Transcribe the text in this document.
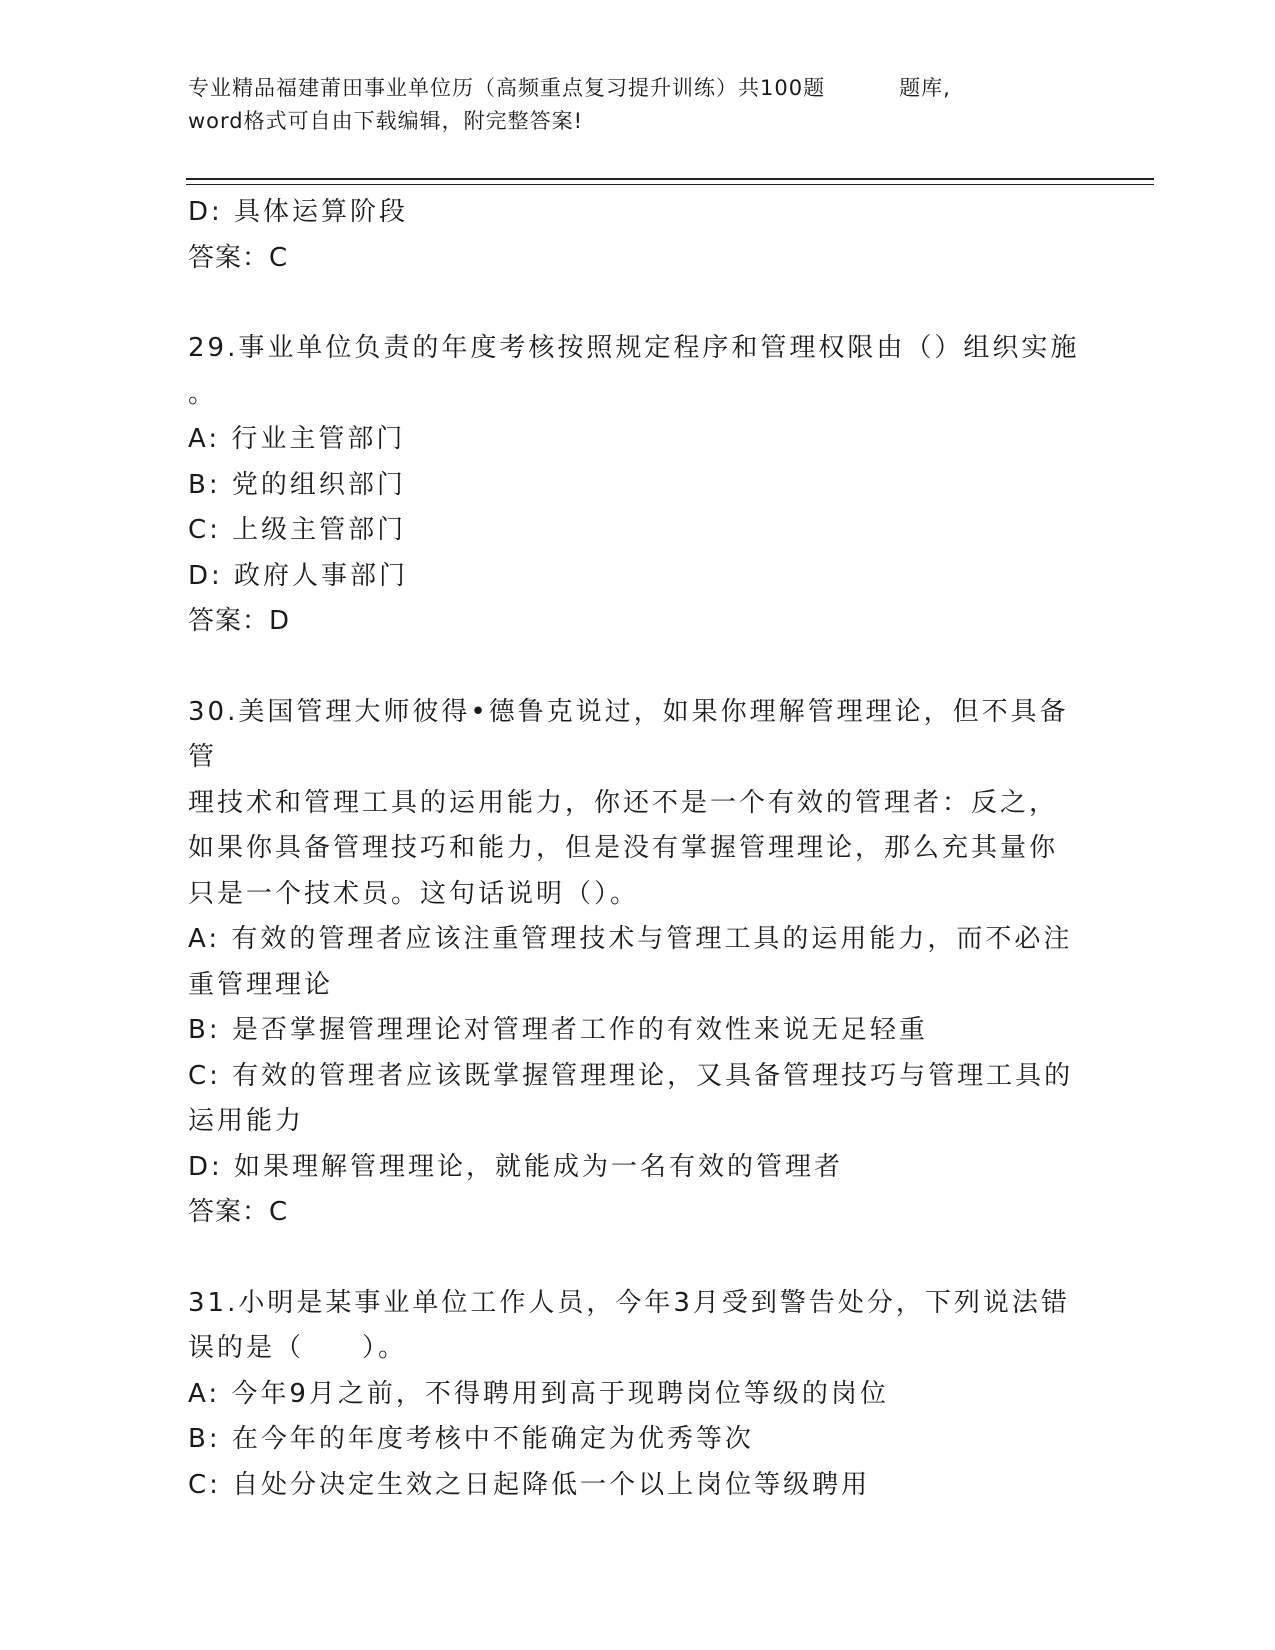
专业精品福建莆田事业单位历（高频重点复习提升训练）共100题	题库,
word格式可自由下载编辑，附完整答案!

D: 具体运算阶段

答案：C

29.事业单位负责的年度考核按照规定程序和管理权限由（）组织实施

。

A: 行业主管部门

B: 党的组织部门

C: 上级主管部门

D: 政府人事部门

答案：D

30.美国管理大师彼得•德鲁克说过，如果你理解管理理论，但不具备管

理技术和管理工具的运用能力，你还不是一个有效的管理者：反之，

如果你具备管理技巧和能力，但是没有掌握管理理论，那么充其量你

只是一个技术员。这句话说明（）。

A: 有效的管理者应该注重管理技术与管理工具的运用能力，而不必注

重管理理论

B: 是否掌握管理理论对管理者工作的有效性来说无足轻重

C: 有效的管理者应该既掌握管理理论，又具备管理技巧与管理工具的

运用能力

D: 如果理解管理理论，就能成为一名有效的管理者

答案：C

31.小明是某事业单位工作人员，今年3月受到警告处分，下列说法错

误的是（　　）。

A: 今年9月之前，不得聘用到高于现聘岗位等级的岗位

B: 在今年的年度考核中不能确定为优秀等次

C: 自处分决定生效之日起降低一个以上岗位等级聘用
